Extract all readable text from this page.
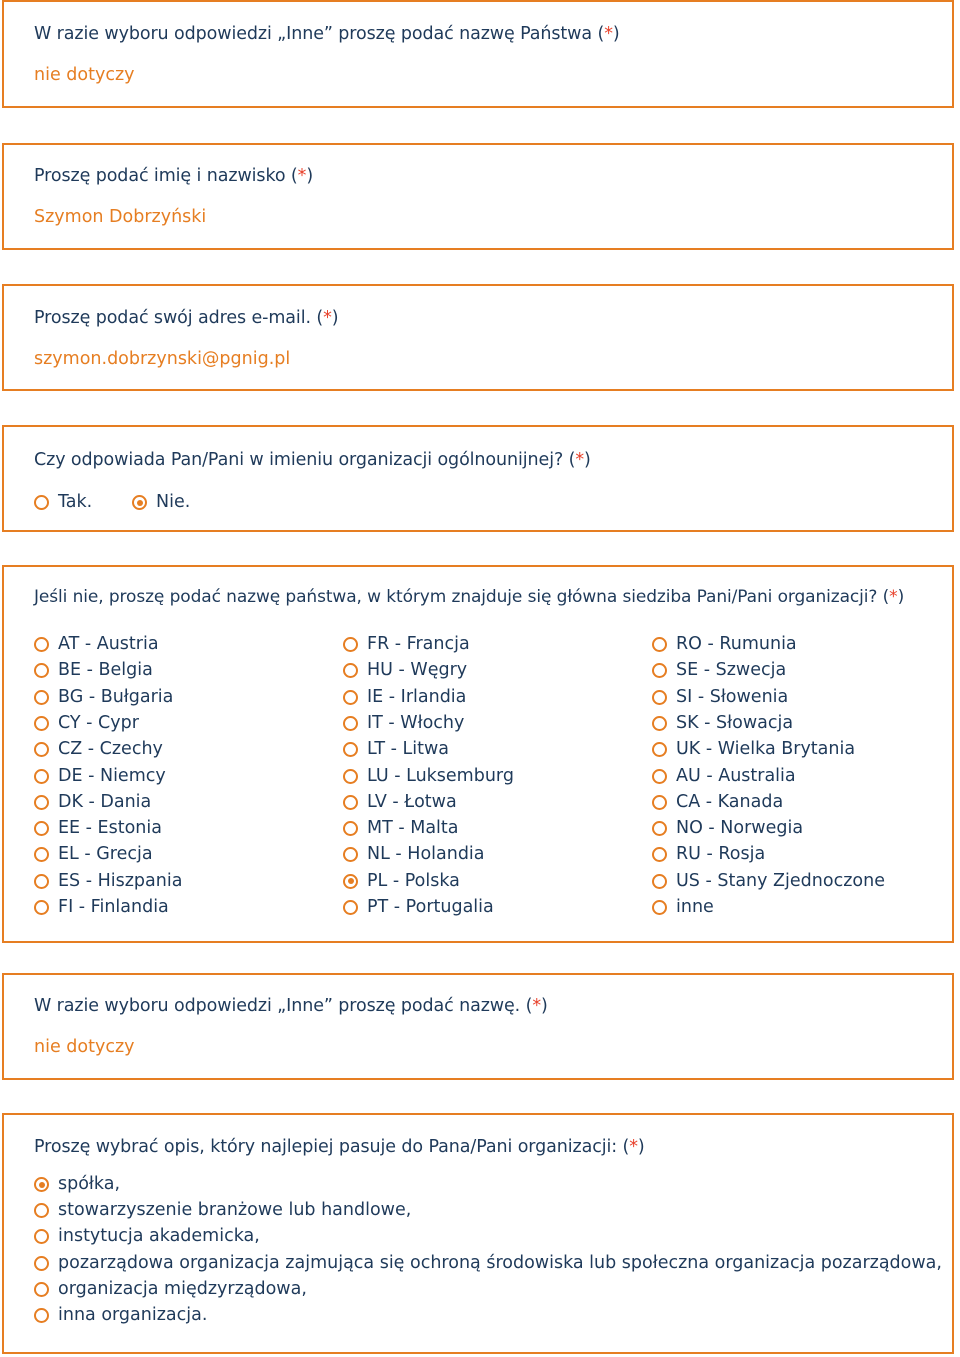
W razie wyboru odpowiedzi „Inne” proszę podać nazwę Państwa (*)
nie dotyczy
Proszę podać imię i nazwisko (*)
Szymon Dobrzyński
Proszę podać swój adres e-mail. (*)
szymon.dobrzynski@pgnig.pl
Czy odpowiada Pan/Pani w imieniu organizacji ogólnounijnej? (*)
Tak.	Nie.
Jeśli nie, proszę podać nazwę państwa, w którym znajduje się główna siedziba Pani/Pani organizacji? (*)
AT - Austria
BE - Belgia
BG - Bułgaria
CY - Cypr
CZ - Czechy
DE - Niemcy
DK - Dania
EE - Estonia
EL - Grecja
ES - Hiszpania
FI - Finlandia
FR - Francja
HU - Węgry
IE - Irlandia
IT - Włochy
LT - Litwa
LU - Luksemburg
LV - Łotwa
MT - Malta
NL - Holandia
PL - Polska
PT - Portugalia
RO - Rumunia
SE - Szwecja
SI - Słowenia
SK - Słowacja
UK - Wielka Brytania
AU - Australia
CA - Kanada
NO - Norwegia
RU - Rosja
US - Stany Zjednoczone
inne
W razie wyboru odpowiedzi „Inne” proszę podać nazwę. (*)
nie dotyczy
Proszę wybrać opis, który najlepiej pasuje do Pana/Pani organizacji: (*)
spółka,
stowarzyszenie branżowe lub handlowe,
instytucja akademicka,
pozarządowa organizacja zajmująca się ochroną środowiska lub społeczna organizacja pozarządowa,
organizacja międzyrządowa,
inna organizacja.
